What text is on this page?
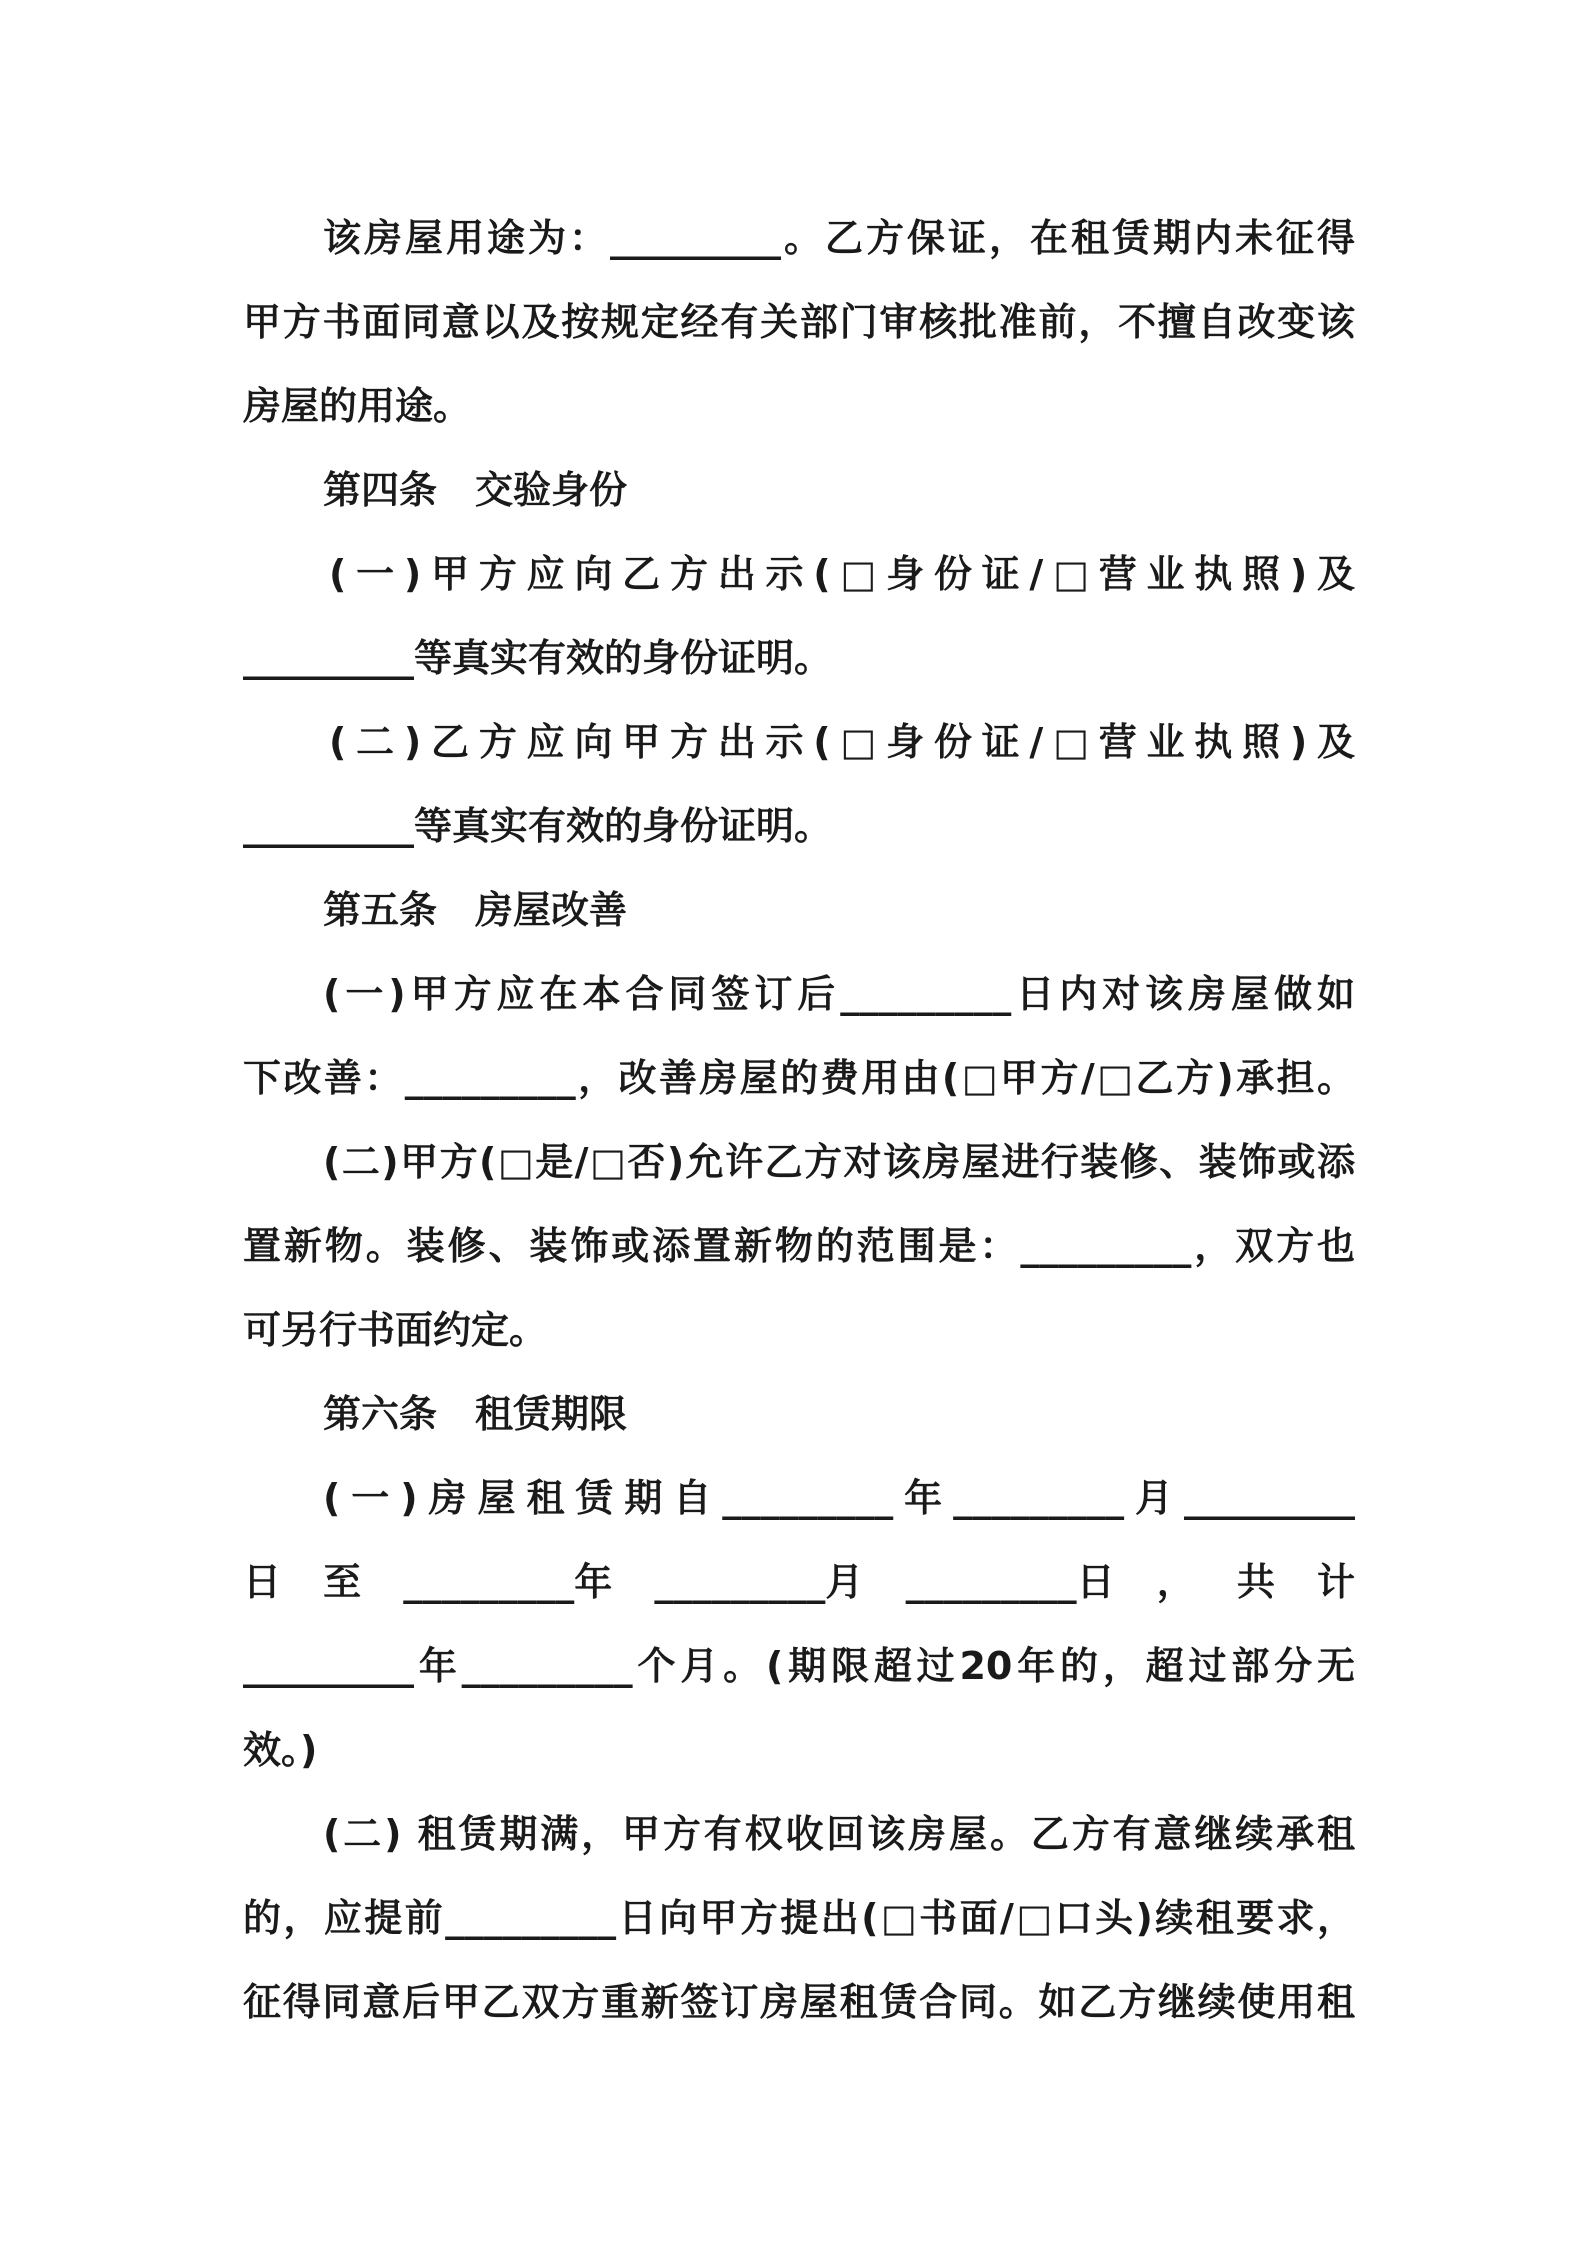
该房屋用途为：_________。乙方保证，在租赁期内未征得
甲方书面同意以及按规定经有关部门审核批准前，不擅自改变该
房屋的用途。
第四条　交验身份
(一)甲方应向乙方出示(□身份证/□营业执照)及
_________等真实有效的身份证明。
(二)乙方应向甲方出示(□身份证/□营业执照)及
_________等真实有效的身份证明。
第五条　房屋改善
(一)甲方应在本合同签订后_________日内对该房屋做如
下改善：_________，改善房屋的费用由(□甲方/□乙方)承担。
(二)甲方(□是/□否)允许乙方对该房屋进行装修、装饰或添
置新物。装修、装饰或添置新物的范围是：_________，双方也
可另行书面约定。
第六条　租赁期限
(一)房屋租赁期自_________年_________月_________
日 至 _________年 _________月 _________日 ， 共 计
_________年_________个月。(期限超过20年的，超过部分无
效。)
(二) 租赁期满，甲方有权收回该房屋。乙方有意继续承租
的，应提前_________日向甲方提出(□书面/□口头)续租要求，
征得同意后甲乙双方重新签订房屋租赁合同。如乙方继续使用租
